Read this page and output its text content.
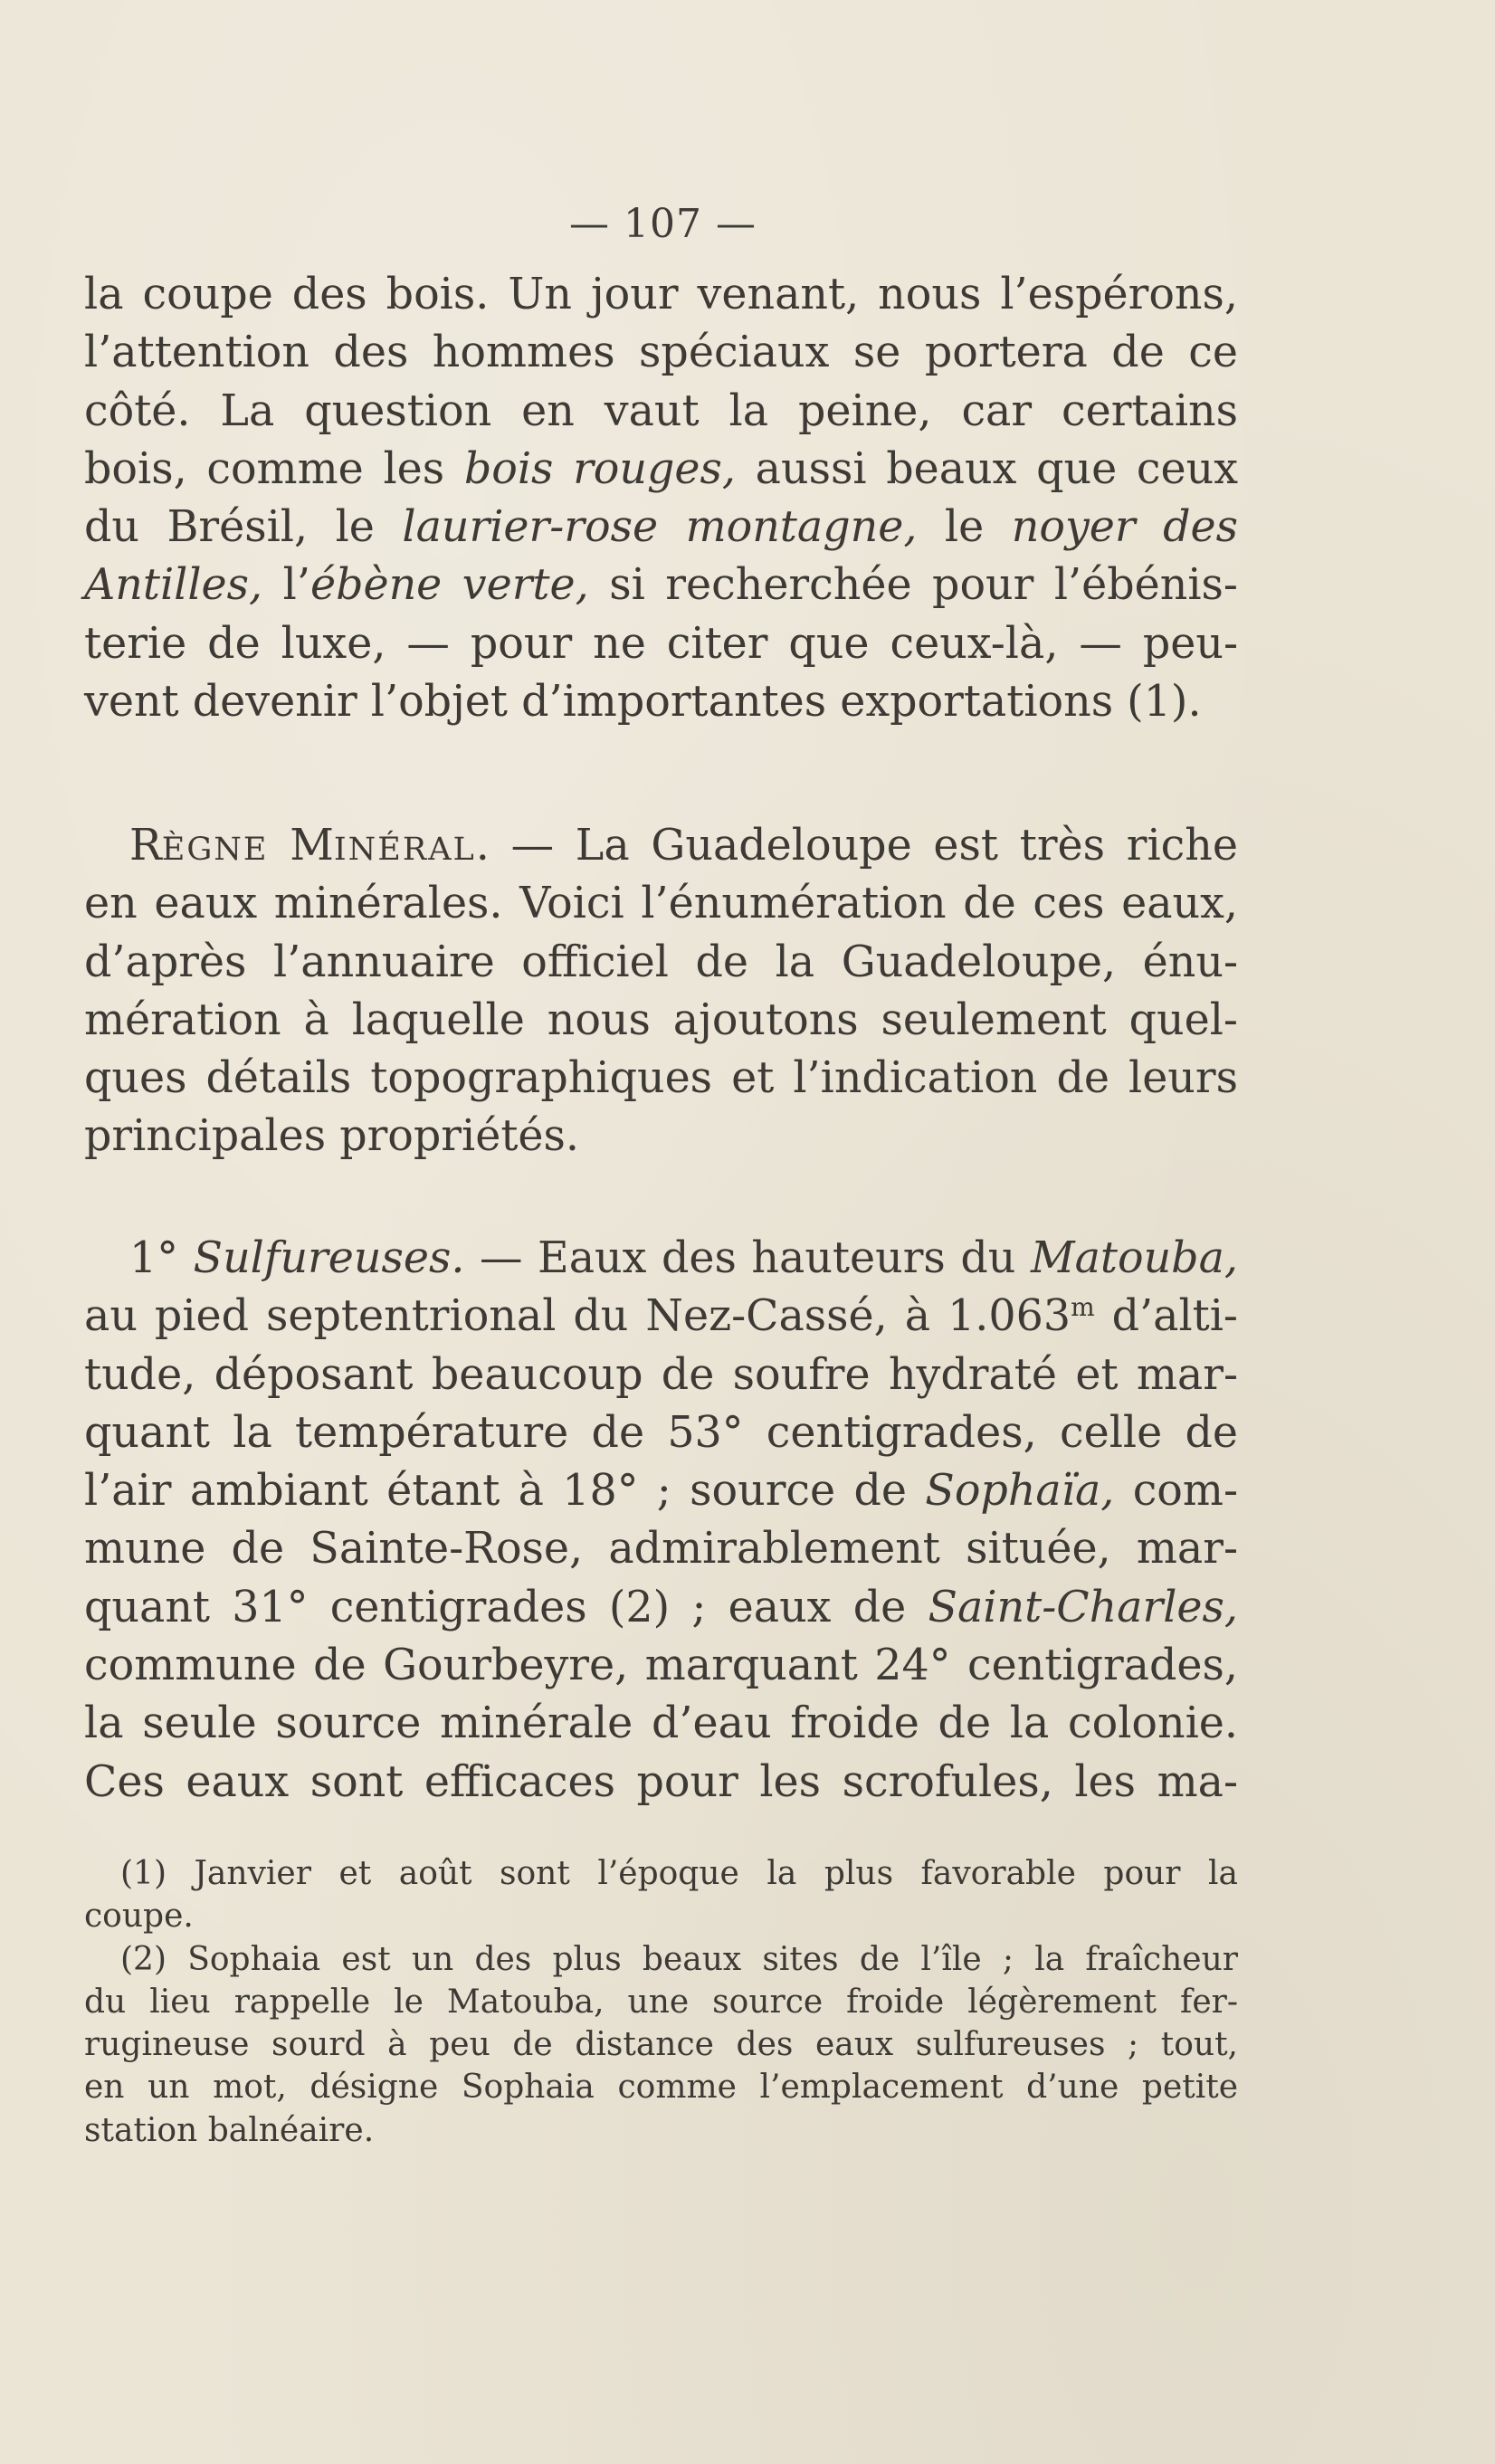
— 107 —
la coupe des bois. Un jour venant, nous l’espérons,
l’attention des hommes spéciaux se portera de ce
côté. La question en vaut la peine, car certains
bois, comme les bois rouges, aussi beaux que ceux
du Brésil, le laurier-rose montagne, le noyer des
Antilles, l’ébène verte, si recherchée pour l’ébénis-
terie de luxe, — pour ne citer que ceux-là, — peu-
vent devenir l’objet d’importantes exportations (1).
RÈGNE MINÉRAL. — La Guadeloupe est très riche
en eaux minérales. Voici l’énumération de ces eaux,
d’après l’annuaire officiel de la Guadeloupe, énu-
mération à laquelle nous ajoutons seulement quel-
ques détails topographiques et l’indication de leurs
principales propriétés.
1° Sulfureuses. — Eaux des hauteurs du Matouba,
au pied septentrional du Nez-Cassé, à 1.063$^m$ d’alti-
tude, déposant beaucoup de soufre hydraté et mar-
quant la température de 53° centigrades, celle de
l’air ambiant étant à 18° ; source de Sophaïa, com-
mune de Sainte-Rose, admirablement située, mar-
quant 31° centigrades (2) ; eaux de Saint-Charles,
commune de Gourbeyre, marquant 24° centigrades,
la seule source minérale d’eau froide de la colonie.
Ces eaux sont efficaces pour les scrofules, les ma-
(1) Janvier et août sont l’époque la plus favorable pour la
coupe.
(2) Sophaia est un des plus beaux sites de l’île ; la fraîcheur
du lieu rappelle le Matouba, une source froide légèrement fer-
rugineuse sourd à peu de distance des eaux sulfureuses ; tout,
en un mot, désigne Sophaia comme l’emplacement d’une petite
station balnéaire.
